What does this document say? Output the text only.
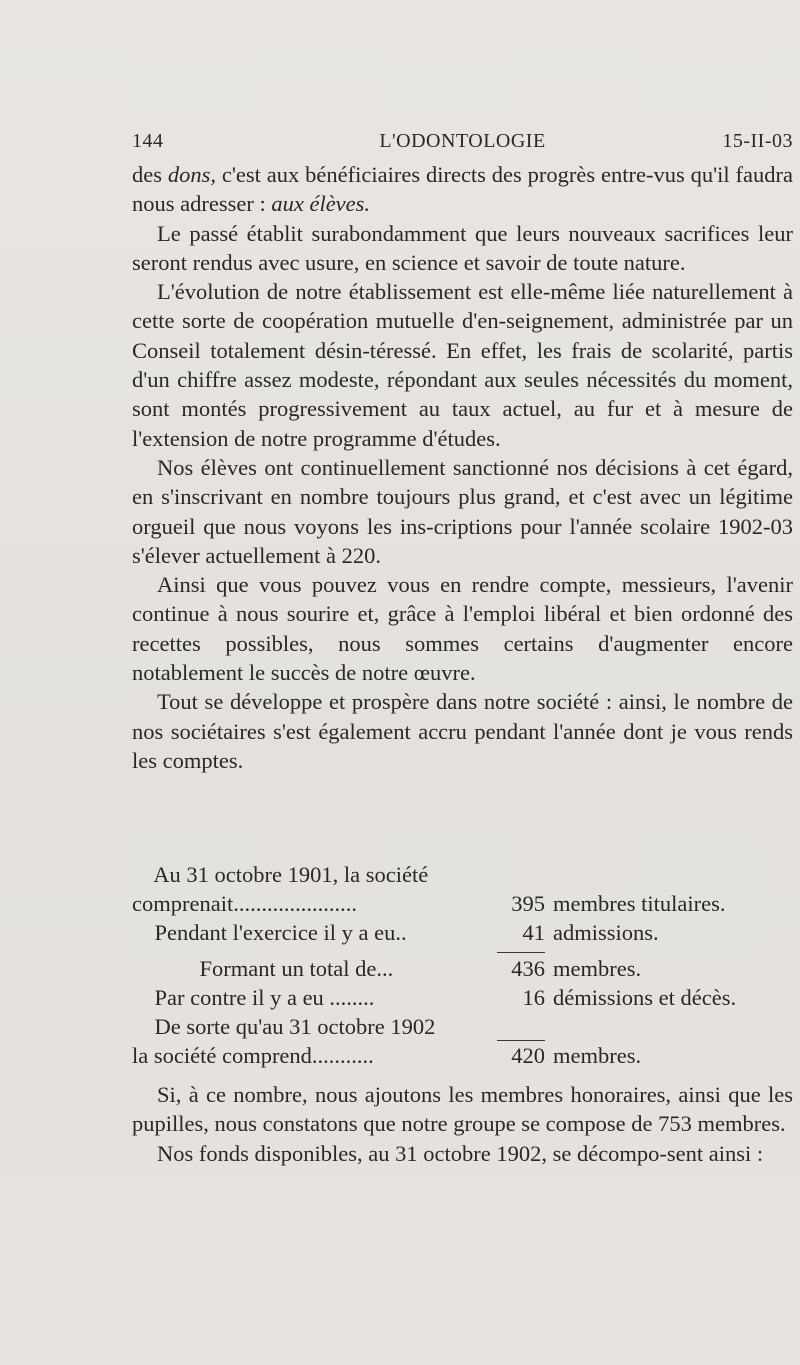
144	L'ODONTOLOGIE	15-II-03

des dons, c'est aux bénéficiaires directs des progrès entre-vus qu'il faudra nous adresser : aux élèves.

Le passé établit surabondamment que leurs nouveaux sacrifices leur seront rendus avec usure, en science et savoir de toute nature.

L'évolution de notre établissement est elle-même liée naturellement à cette sorte de coopération mutuelle d'en-seignement, administrée par un Conseil totalement désin-téressé. En effet, les frais de scolarité, partis d'un chiffre assez modeste, répondant aux seules nécessités du moment, sont montés progressivement au taux actuel, au fur et à mesure de l'extension de notre programme d'études.

Nos élèves ont continuellement sanctionné nos décisions à cet égard, en s'inscrivant en nombre toujours plus grand, et c'est avec un légitime orgueil que nous voyons les ins-criptions pour l'année scolaire 1902-03 s'élever actuellement à 220.

Ainsi que vous pouvez vous en rendre compte, messieurs, l'avenir continue à nous sourire et, grâce à l'emploi libéral et bien ordonné des recettes possibles, nous sommes certains d'augmenter encore notablement le succès de notre œuvre.

Tout se développe et prospère dans notre société : ainsi, le nombre de nos sociétaires s'est également accru pendant l'année dont je vous rends les comptes.

Au 31 octobre 1901, la société
comprenait......................	395 membres titulaires.
Pendant l'exercice il y a eu..	41 admissions.
Formant un total de...	436 membres.
Par contre il y a eu ........	16 démissions et décès.
De sorte qu'au 31 octobre 1902
la société comprend...........	420 membres.

Si, à ce nombre, nous ajoutons les membres honoraires, ainsi que les pupilles, nous constatons que notre groupe se compose de 753 membres.

Nos fonds disponibles, au 31 octobre 1902, se décompo-sent ainsi :
